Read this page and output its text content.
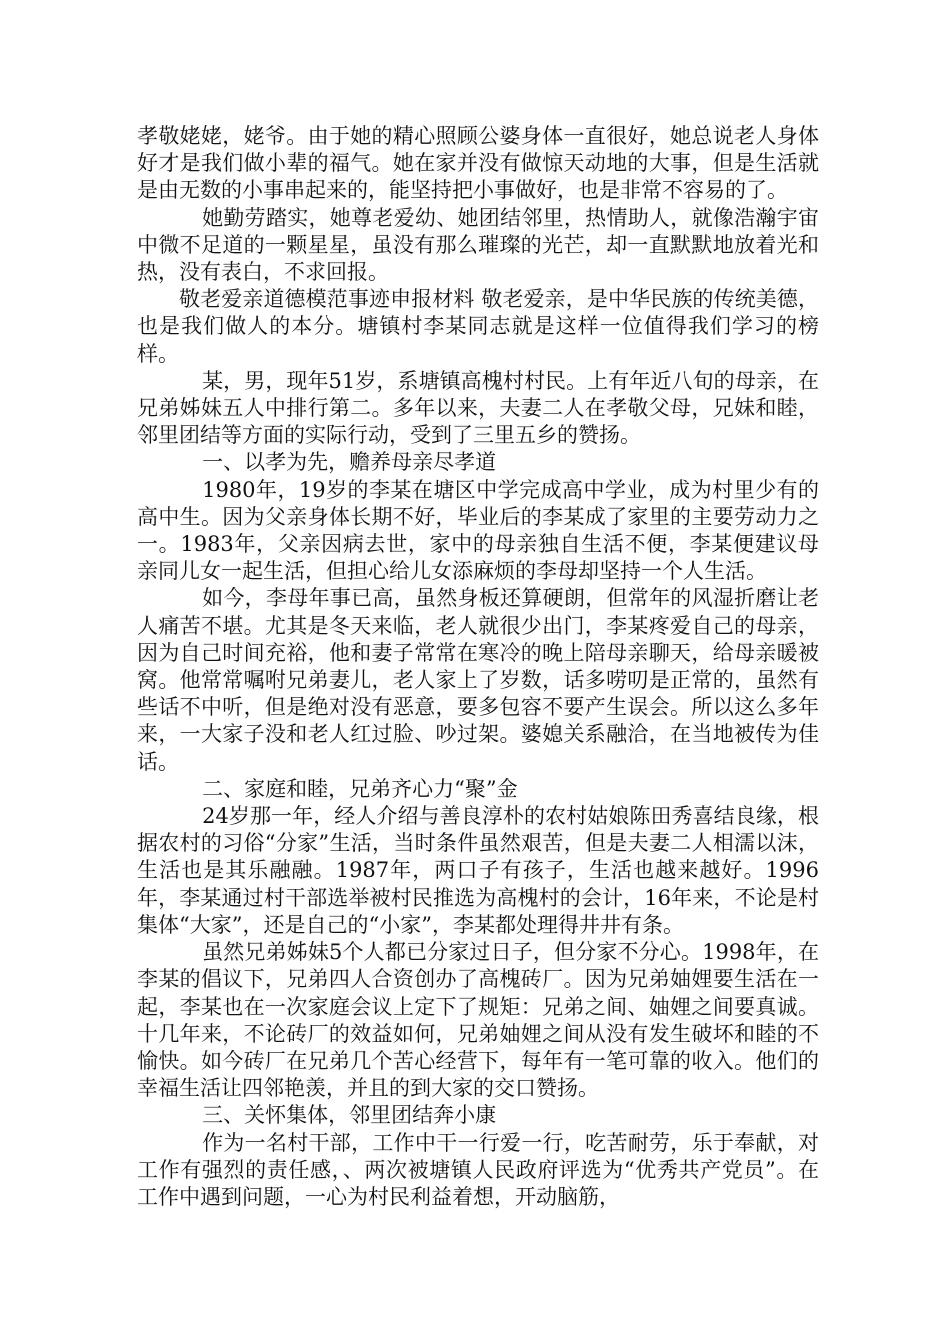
孝敬姥姥，姥爷。由于她的精心照顾公婆身体一直很好，她总说老人身体好才是我们做小辈的福气。她在家并没有做惊天动地的大事，但是生活就是由无数的小事串起来的，能坚持把小事做好，也是非常不容易的了。

她勤劳踏实，她尊老爱幼、她团结邻里，热情助人，就像浩瀚宇宙中微不足道的一颗星星，虽没有那么璀璨的光芒，却一直默默地放着光和热，没有表白，不求回报。

敬老爱亲道德模范事迹申报材料 敬老爱亲，是中华民族的传统美德，也是我们做人的本分。塘镇村李某同志就是这样一位值得我们学习的榜样。

某，男，现年51岁，系塘镇高槐村村民。上有年近八旬的母亲，在兄弟姊妹五人中排行第二。多年以来，夫妻二人在孝敬父母，兄妹和睦，邻里团结等方面的实际行动，受到了三里五乡的赞扬。

一、以孝为先，赡养母亲尽孝道

1980年，19岁的李某在塘区中学完成高中学业，成为村里少有的高中生。因为父亲身体长期不好，毕业后的李某成了家里的主要劳动力之一。1983年，父亲因病去世，家中的母亲独自生活不便，李某便建议母亲同儿女一起生活，但担心给儿女添麻烦的李母却坚持一个人生活。

如今，李母年事已高，虽然身板还算硬朗，但常年的风湿折磨让老人痛苦不堪。尤其是冬天来临，老人就很少出门，李某疼爱自己的母亲，因为自己时间充裕，他和妻子常常在寒冷的晚上陪母亲聊天，给母亲暖被窝。他常常嘱咐兄弟妻儿，老人家上了岁数，话多唠叨是正常的，虽然有些话不中听，但是绝对没有恶意，要多包容不要产生误会。所以这么多年来，一大家子没和老人红过脸、吵过架。婆媳关系融洽，在当地被传为佳话。

二、家庭和睦，兄弟齐心力“聚”金

24岁那一年，经人介绍与善良淳朴的农村姑娘陈田秀喜结良缘，根据农村的习俗“分家”生活，当时条件虽然艰苦，但是夫妻二人相濡以沫，生活也是其乐融融。1987年，两口子有孩子，生活也越来越好。1996年，李某通过村干部选举被村民推选为高槐村的会计，16年来，不论是村集体“大家”，还是自己的“小家”，李某都处理得井井有条。

虽然兄弟姊妹5个人都已分家过日子，但分家不分心。1998年，在李某的倡议下，兄弟四人合资创办了高槐砖厂。因为兄弟妯娌要生活在一起，李某也在一次家庭会议上定下了规矩：兄弟之间、妯娌之间要真诚。十几年来，不论砖厂的效益如何，兄弟妯娌之间从没有发生破坏和睦的不愉快。如今砖厂在兄弟几个苦心经营下，每年有一笔可靠的收入。他们的幸福生活让四邻艳羡，并且的到大家的交口赞扬。

三、关怀集体，邻里团结奔小康

作为一名村干部，工作中干一行爱一行，吃苦耐劳，乐于奉献，对工作有强烈的责任感，、两次被塘镇人民政府评选为“优秀共产党员”。在工作中遇到问题，一心为村民利益着想，开动脑筋，
